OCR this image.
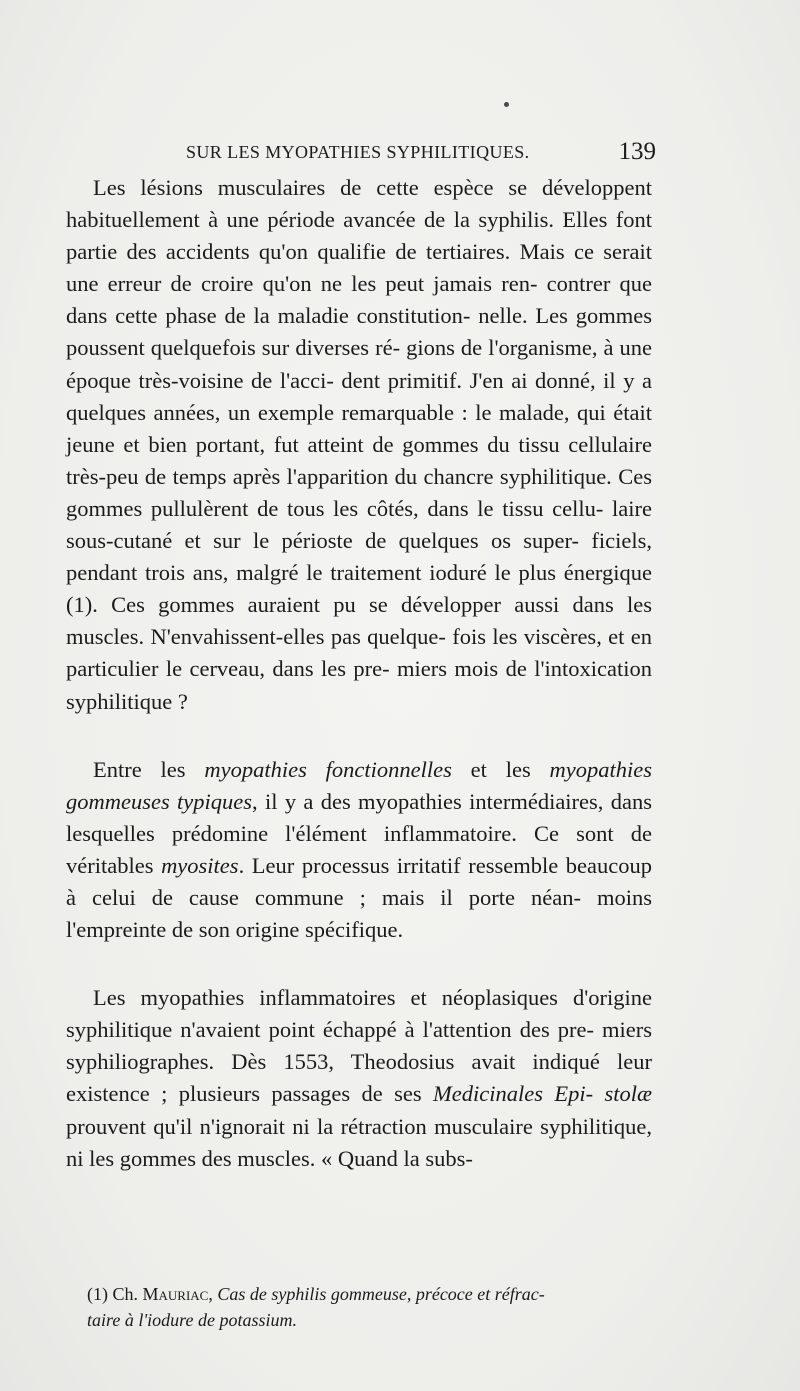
SUR LES MYOPATHIES SYPHILITIQUES.	139

Les lésions musculaires de cette espèce se développent habituellement à une période avancée de la syphilis. Elles font partie des accidents qu'on qualifie de tertiaires. Mais ce serait une erreur de croire qu'on ne les peut jamais ren- contrer que dans cette phase de la maladie constitution- nelle. Les gommes poussent quelquefois sur diverses ré- gions de l'organisme, à une époque très-voisine de l'acci- dent primitif. J'en ai donné, il y a quelques années, un exemple remarquable : le malade, qui était jeune et bien portant, fut atteint de gommes du tissu cellulaire très-peu de temps après l'apparition du chancre syphilitique. Ces gommes pullulèrent de tous les côtés, dans le tissu cellu- laire sous-cutané et sur le périoste de quelques os super- ficiels, pendant trois ans, malgré le traitement ioduré le plus énergique (1). Ces gommes auraient pu se développer aussi dans les muscles. N'envahissent-elles pas quelque- fois les viscères, et en particulier le cerveau, dans les pre- miers mois de l'intoxication syphilitique ?

Entre les myopathies fonctionnelles et les myopathies gommeuses typiques, il y a des myopathies intermédiaires, dans lesquelles prédomine l'élément inflammatoire. Ce sont de véritables myosites. Leur processus irritatif ressemble beaucoup à celui de cause commune ; mais il porte néan- moins l'empreinte de son origine spécifique.

Les myopathies inflammatoires et néoplasiques d'origine syphilitique n'avaient point échappé à l'attention des pre- miers syphiliographes. Dès 1553, Theodosius avait indiqué leur existence ; plusieurs passages de ses Medicinales Epi- stolæ prouvent qu'il n'ignorait ni la rétraction musculaire syphilitique, ni les gommes des muscles. « Quand la subs-

(1) Ch. Mauriac, Cas de syphilis gommeuse, précoce et réfrac-
taire à l'iodure de potassium.
